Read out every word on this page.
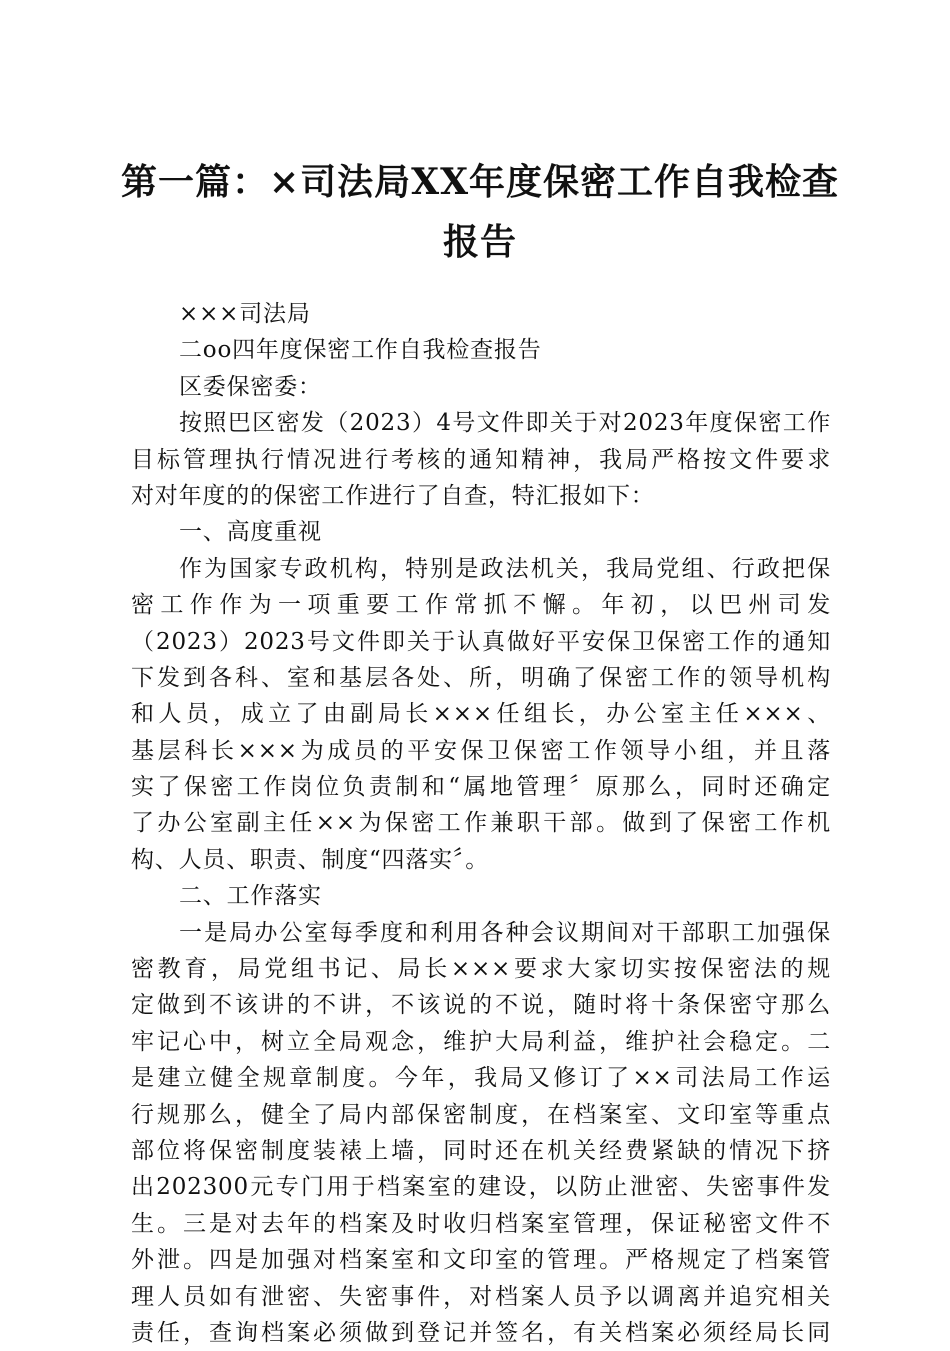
第一篇：×司法局XX年度保密工作自我检查
报告
×××司法局
二oo四年度保密工作自我检查报告
区委保密委：
按照巴区密发（2023）4号文件即关于对2023年度保密工作
目标管理执行情况进行考核的通知精神，我局严格按文件要求
对对年度的的保密工作进行了自查，特汇报如下：
一、高度重视
作为国家专政机构，特别是政法机关，我局党组、行政把保
密工作作为一项重要工作常抓不懈。年初，以巴州司发
（2023）2023号文件即关于认真做好平安保卫保密工作的通知
下发到各科、室和基层各处、所，明确了保密工作的领导机构
和人员，成立了由副局长×××任组长，办公室主任×××、
基层科长×××为成员的平安保卫保密工作领导小组，并且落
实了保密工作岗位负责制和“属地管理〞原那么，同时还确定
了办公室副主任××为保密工作兼职干部。做到了保密工作机
构、人员、职责、制度“四落实〞。
二、工作落实
一是局办公室每季度和利用各种会议期间对干部职工加强保
密教育，局党组书记、局长×××要求大家切实按保密法的规
定做到不该讲的不讲，不该说的不说，随时将十条保密守那么
牢记心中，树立全局观念，维护大局利益，维护社会稳定。二
是建立健全规章制度。今年，我局又修订了××司法局工作运
行规那么，健全了局内部保密制度，在档案室、文印室等重点
部位将保密制度装裱上墙，同时还在机关经费紧缺的情况下挤
出202300元专门用于档案室的建设，以防止泄密、失密事件发
生。三是对去年的档案及时收归档案室管理，保证秘密文件不
外泄。四是加强对档案室和文印室的管理。严格规定了档案管
理人员如有泄密、失密事件，对档案人员予以调离并追究相关
责任，查询档案必须做到登记并签名，有关档案必须经局长同
